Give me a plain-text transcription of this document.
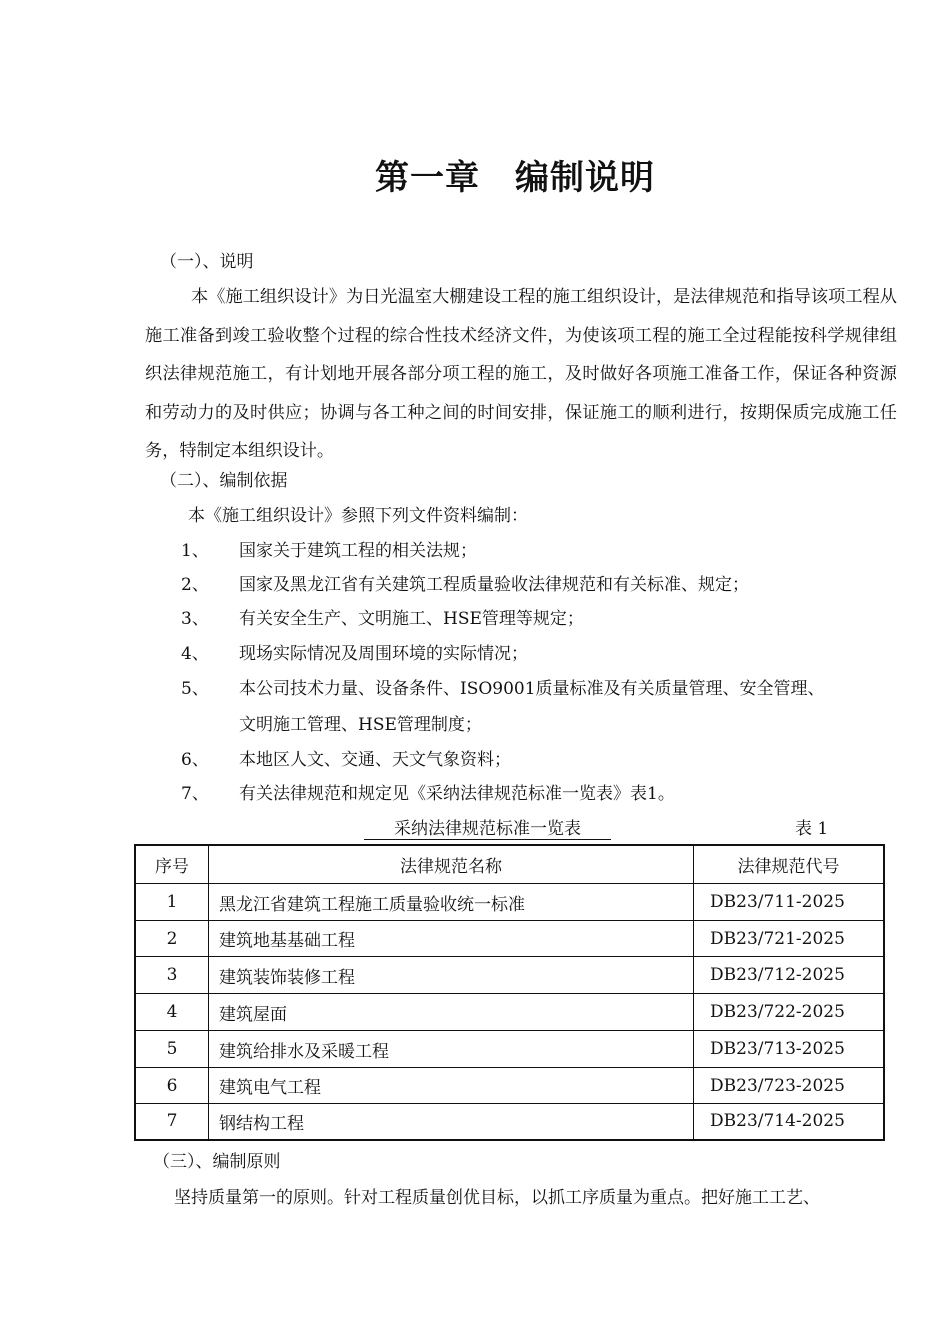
第一章　编制说明
（一）、说明
本《施工组织设计》为日光温室大棚建设工程的施工组织设计，是法律规范和指导该项工程从施工准备到竣工验收整个过程的综合性技术经济文件，为使该项工程的施工全过程能按科学规律组织法律规范施工，有计划地开展各部分项工程的施工，及时做好各项施工准备工作，保证各种资源和劳动力的及时供应；协调与各工种之间的时间安排，保证施工的顺利进行，按期保质完成施工任务，特制定本组织设计。
（二）、编制依据
本《施工组织设计》参照下列文件资料编制：
1、 国家关于建筑工程的相关法规；
2、 国家及黑龙江省有关建筑工程质量验收法律规范和有关标准、规定；
3、 有关安全生产、文明施工、HSE管理等规定；
4、 现场实际情况及周围环境的实际情况；
5、 本公司技术力量、设备条件、ISO9001质量标准及有关质量管理、安全管理、
文明施工管理、HSE管理制度；
6、 本地区人文、交通、天文气象资料；
7、 有关法律规范和规定见《采纳法律规范标准一览表》表1。
采纳法律规范标准一览表	表 1
序号	法律规范名称	法律规范代号
1	黑龙江省建筑工程施工质量验收统一标准	DB23/711-2025
2	建筑地基基础工程	DB23/721-2025
3	建筑装饰装修工程	DB23/712-2025
4	建筑屋面	DB23/722-2025
5	建筑给排水及采暖工程	DB23/713-2025
6	建筑电气工程	DB23/723-2025
7	钢结构工程	DB23/714-2025
（三）、编制原则
坚持质量第一的原则。针对工程质量创优目标，以抓工序质量为重点。把好施工工艺、
